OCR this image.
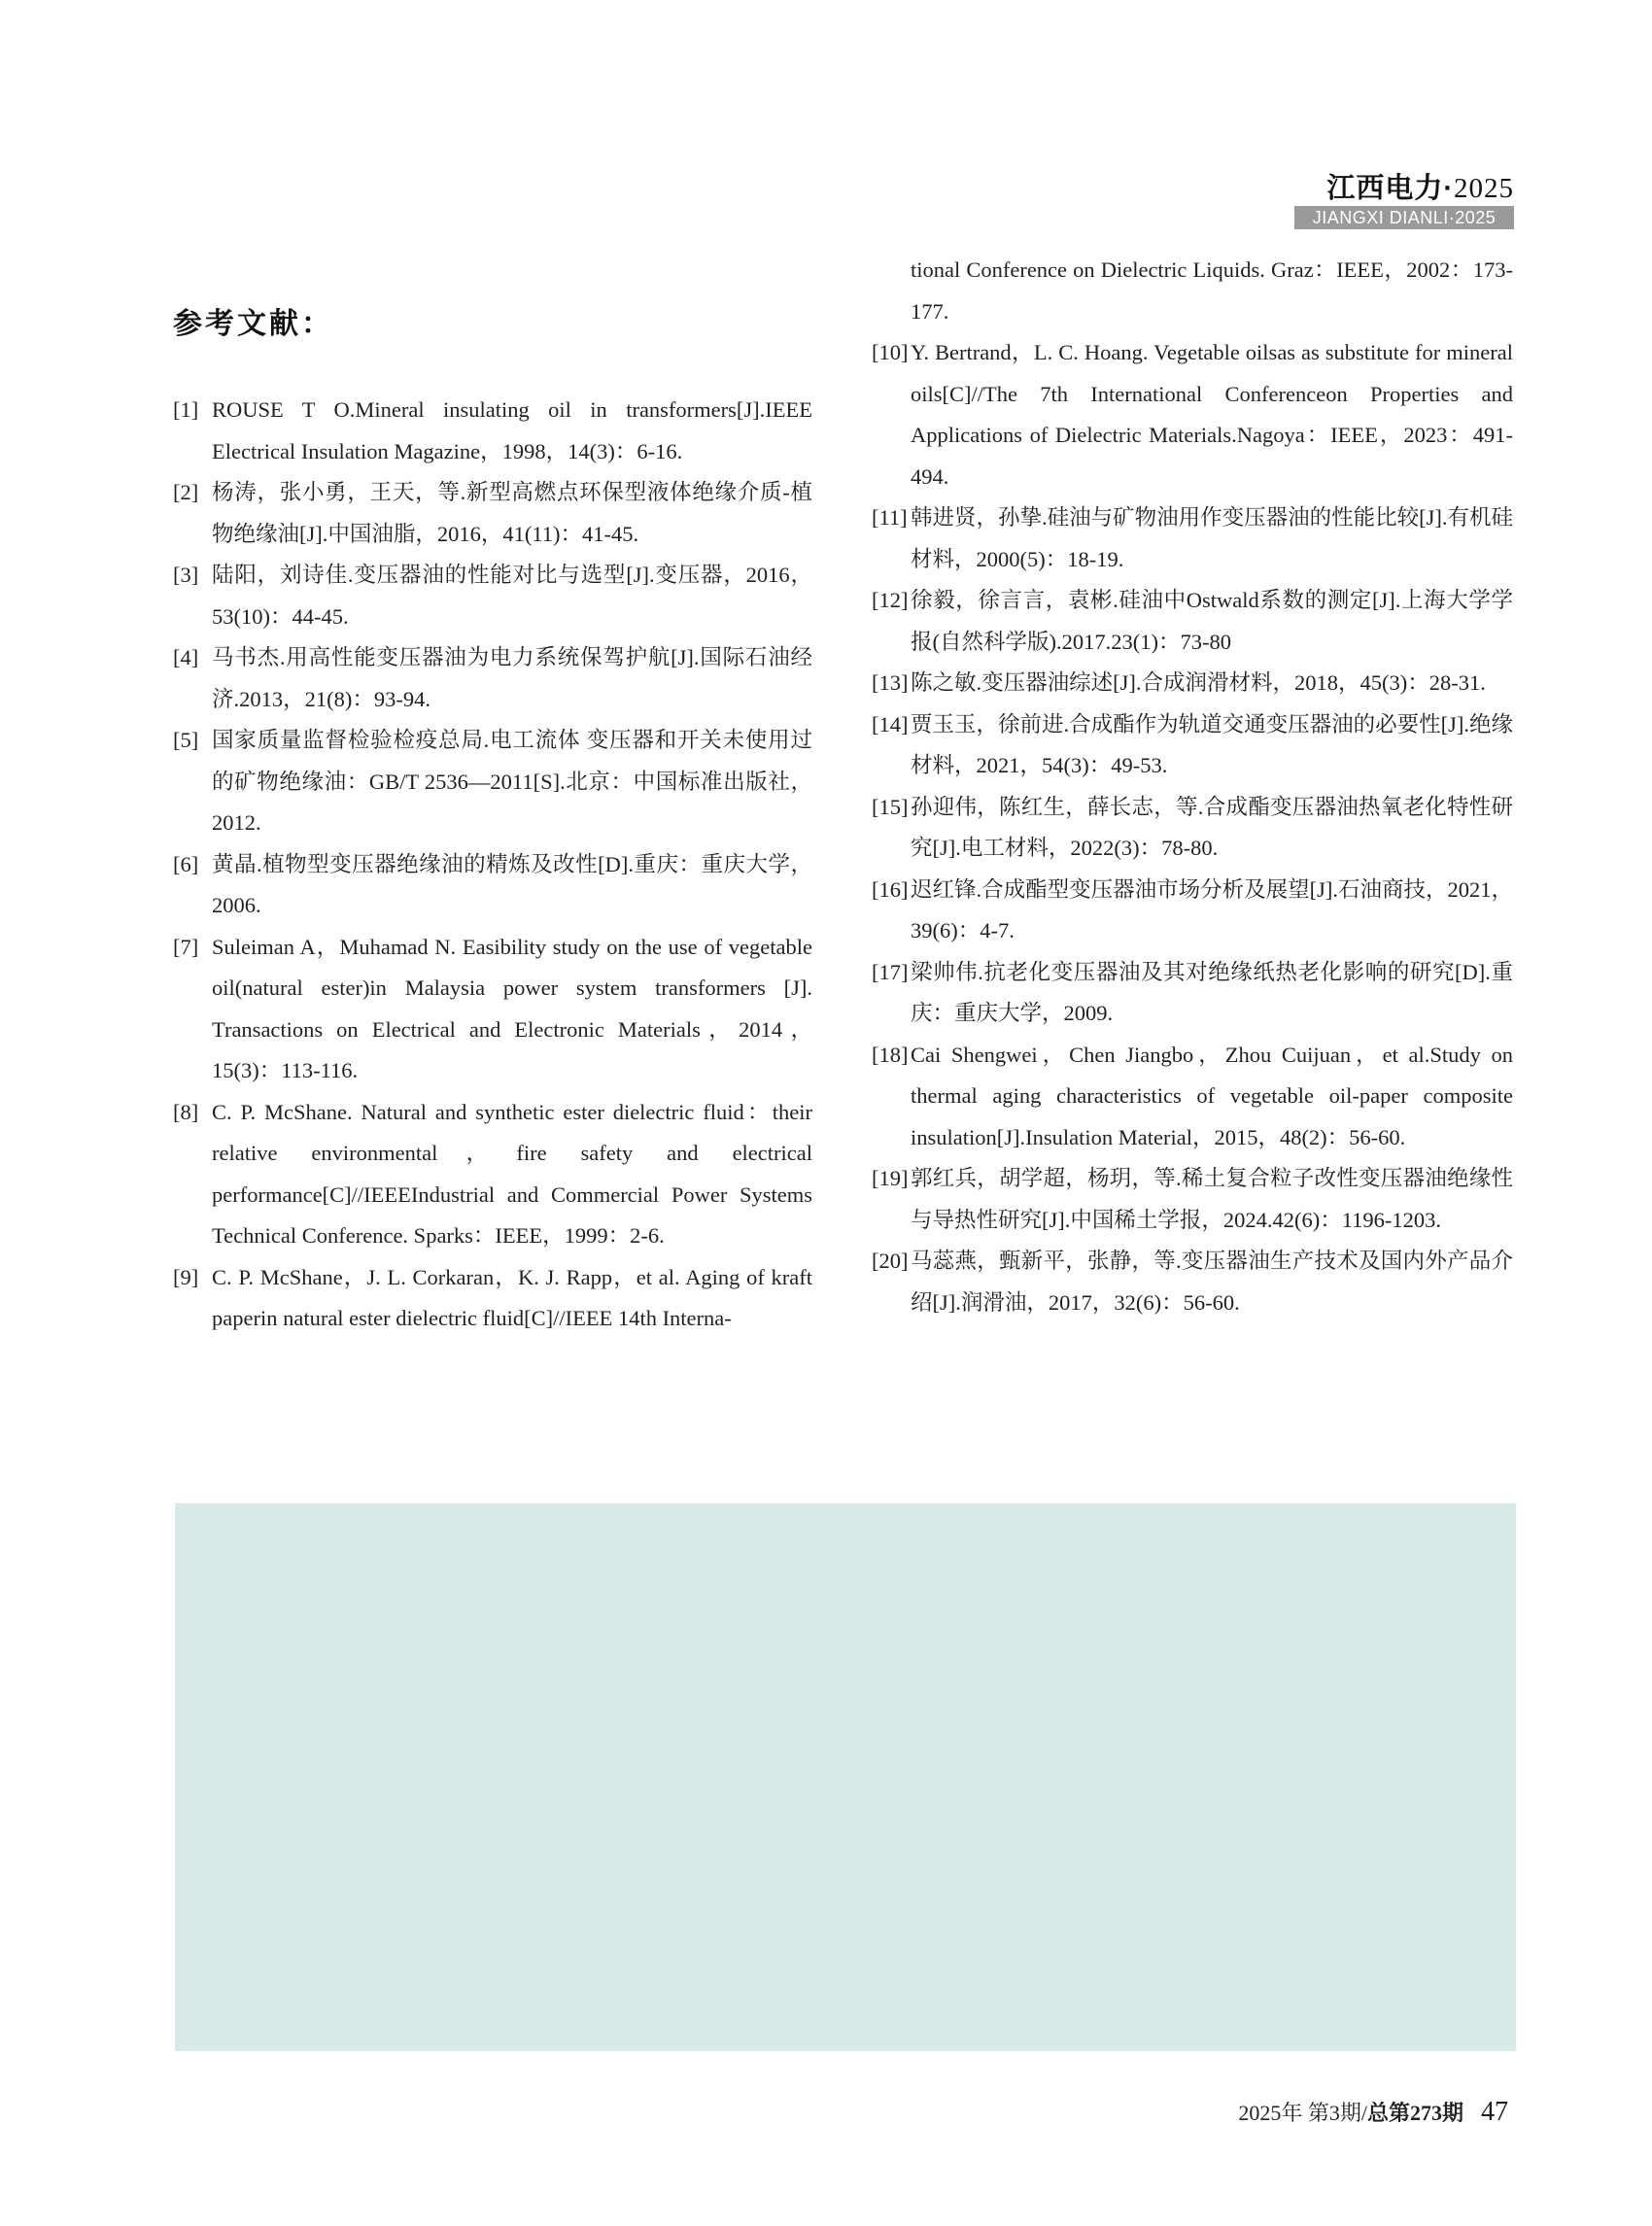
江西电力·2025
JIANGXI DIANLI·2025
参考文献：
[1] ROUSE T O.Mineral insulating oil in transformers[J].IEEE Electrical Insulation Magazine，1998，14(3)：6-16.
[2] 杨涛，张小勇，王天，等.新型高燃点环保型液体绝缘介质-植物绝缘油[J].中国油脂，2016，41(11)：41-45.
[3] 陆阳，刘诗佳.变压器油的性能对比与选型[J].变压器，2016，53(10)：44-45.
[4] 马书杰.用高性能变压器油为电力系统保驾护航[J].国际石油经济.2013，21(8)：93-94.
[5] 国家质量监督检验检疫总局.电工流体 变压器和开关未使用过的矿物绝缘油：GB/T 2536—2011[S].北京：中国标准出版社，2012.
[6] 黄晶.植物型变压器绝缘油的精炼及改性[D].重庆：重庆大学，2006.
[7] Suleiman A，Muhamad N. Easibility study on the use of vegetable oil(natural ester)in Malaysia power system transformers [J]. Transactions on Electrical and Electronic Materials，2014，15(3)：113-116.
[8] C. P. McShane. Natural and synthetic ester dielectric fluid：their relative environmental，fire safety and electrical performance[C]//IEEEIndustrial and Commercial Power Systems Technical Conference. Sparks：IEEE，1999：2-6.
[9] C. P. McShane，J. L. Corkaran，K. J. Rapp，et al. Aging of kraft paperin natural ester dielectric fluid[C]//IEEE 14th Interna-
tional Conference on Dielectric Liquids. Graz：IEEE，2002：173-177.
[10] Y. Bertrand，L. C. Hoang. Vegetable oilsas as substitute for mineral oils[C]//The 7th International Conferenceon Properties and Applications of Dielectric Materials.Nagoya：IEEE，2023：491-494.
[11] 韩进贤，孙挚.硅油与矿物油用作变压器油的性能比较[J].有机硅材料，2000(5)：18-19.
[12] 徐毅，徐言言，袁彬.硅油中Ostwald系数的测定[J].上海大学学报(自然科学版).2017.23(1)：73-80
[13] 陈之敏.变压器油综述[J].合成润滑材料，2018，45(3)：28-31.
[14] 贾玉玉，徐前进.合成酯作为轨道交通变压器油的必要性[J].绝缘材料，2021，54(3)：49-53.
[15] 孙迎伟，陈红生，薛长志，等.合成酯变压器油热氧老化特性研究[J].电工材料，2022(3)：78-80.
[16] 迟红锋.合成酯型变压器油市场分析及展望[J].石油商技，2021，39(6)：4-7.
[17] 梁帅伟.抗老化变压器油及其对绝缘纸热老化影响的研究[D].重庆：重庆大学，2009.
[18] Cai Shengwei，Chen Jiangbo，Zhou Cuijuan，et al.Study on thermal aging characteristics of vegetable oil-paper composite insulation[J].Insulation Material，2015，48(2)：56-60.
[19] 郭红兵，胡学超，杨玥，等.稀土复合粒子改性变压器油绝缘性与导热性研究[J].中国稀土学报，2024.42(6)：1196-1203.
[20] 马蕊燕，甄新平，张静，等.变压器油生产技术及国内外产品介绍[J].润滑油，2017，32(6)：56-60.
2025年 第3期/总第273期 47
